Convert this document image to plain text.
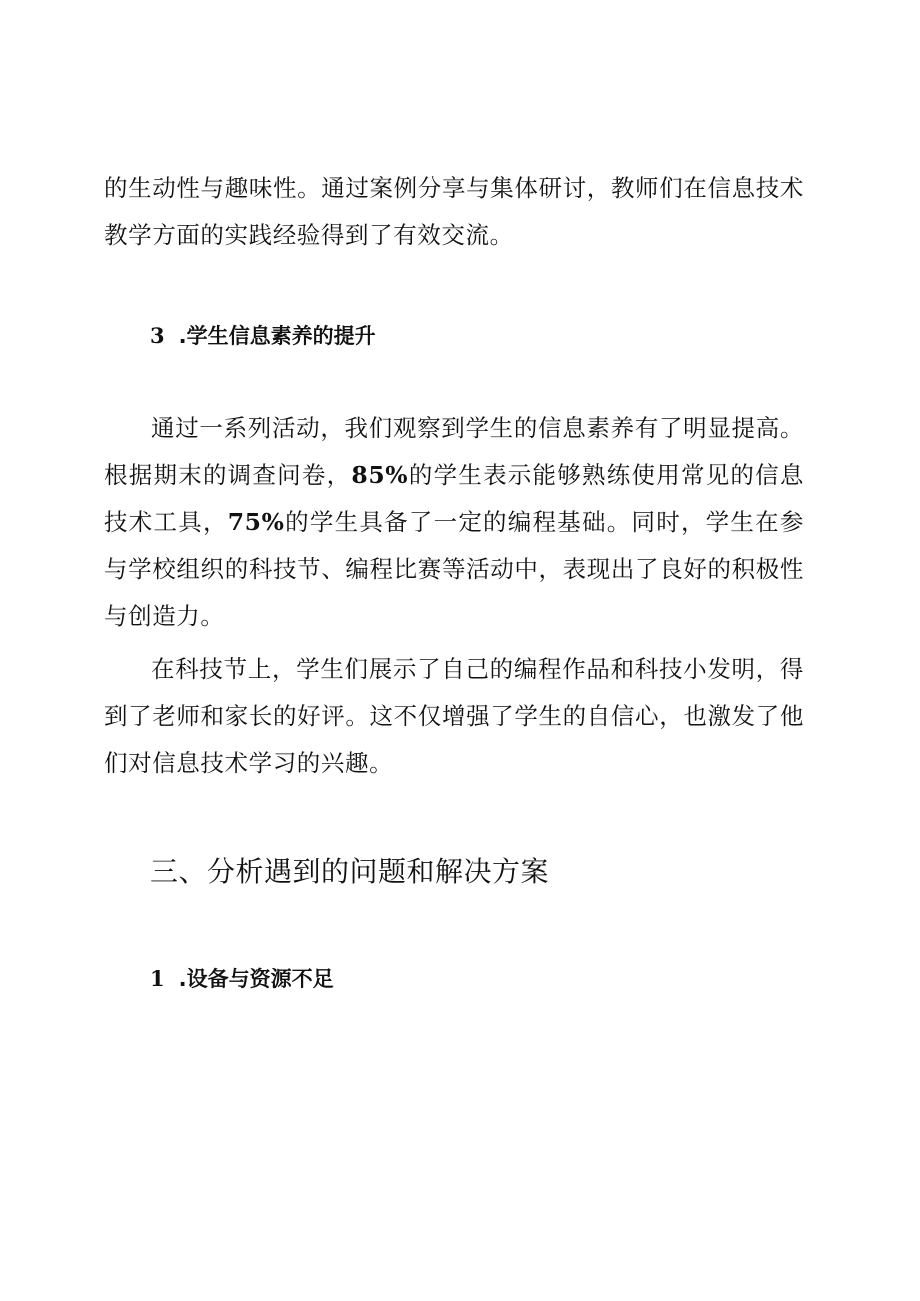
的生动性与趣味性。通过案例分享与集体研讨，教师们在信息技术教学方面的实践经验得到了有效交流。

3 .学生信息素养的提升

通过一系列活动，我们观察到学生的信息素养有了明显提高。根据期末的调查问卷，85%的学生表示能够熟练使用常见的信息技术工具，75%的学生具备了一定的编程基础。同时，学生在参与学校组织的科技节、编程比赛等活动中，表现出了良好的积极性与创造力。

在科技节上，学生们展示了自己的编程作品和科技小发明，得到了老师和家长的好评。这不仅增强了学生的自信心，也激发了他们对信息技术学习的兴趣。

三、分析遇到的问题和解决方案
1 .设备与资源不足
